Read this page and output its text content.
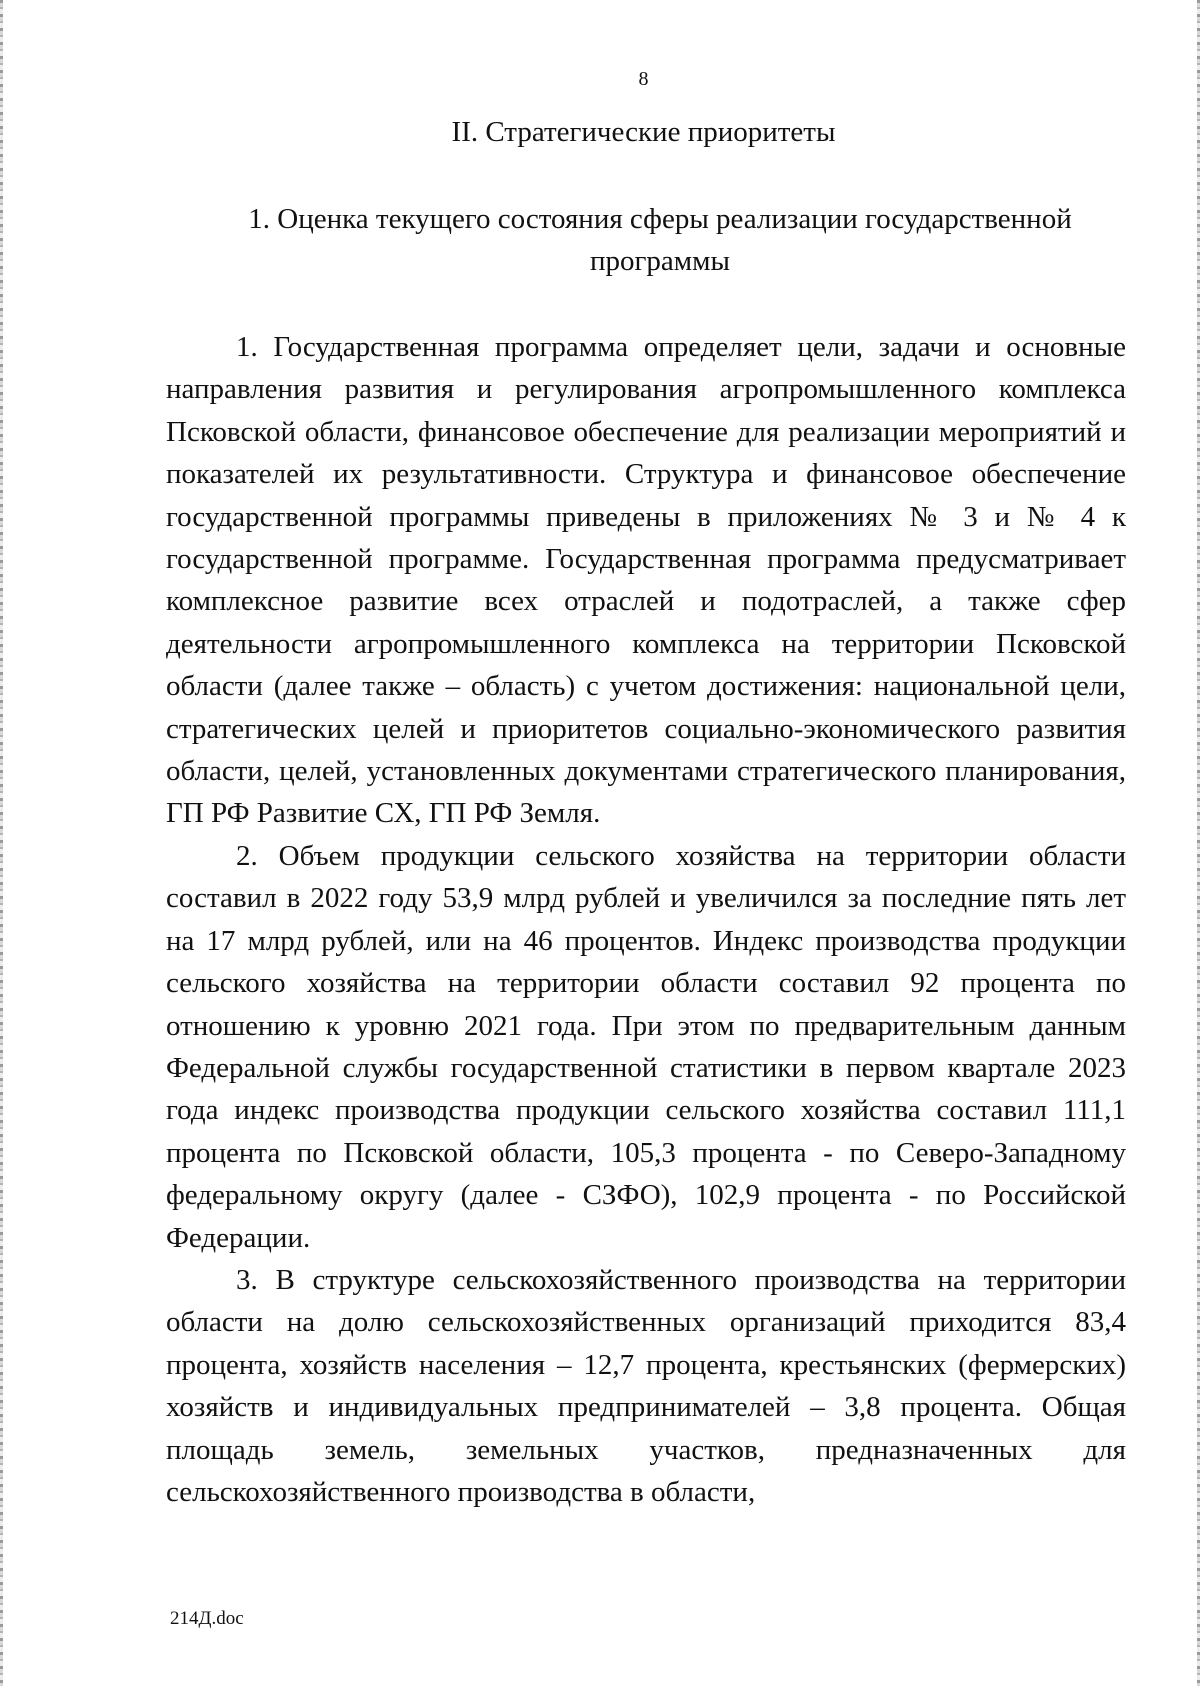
8
II. Стратегические приоритеты
1. Оценка текущего состояния сферы реализации государственной программы

1. Государственная программа определяет цели, задачи и основные направления развития и регулирования агропромышленного комплекса Псковской области, финансовое обеспечение для реализации мероприятий и показателей их результативности. Структура и финансовое обеспечение государственной программы приведены в приложениях № 3 и № 4 к государственной программе. Государственная программа предусматривает комплексное развитие всех отраслей и подотраслей, а также сфер деятельности агропромышленного комплекса на территории Псковской области (далее также – область) с учетом достижения: национальной цели, стратегических целей и приоритетов социально-экономического развития области, целей, установленных документами стратегического планирования, ГП РФ Развитие СХ, ГП РФ Земля.

2. Объем продукции сельского хозяйства на территории области составил в 2022 году 53,9 млрд рублей и увеличился за последние пять лет на 17 млрд рублей, или на 46 процентов. Индекс производства продукции сельского хозяйства на территории области составил 92 процента по отношению к уровню 2021 года. При этом по предварительным данным Федеральной службы государственной статистики в первом квартале 2023 года индекс производства продукции сельского хозяйства составил 111,1 процента по Псковской области, 105,3 процента - по Северо-Западному федеральному округу (далее - СЗФО), 102,9 процента - по Российской Федерации.

3. В структуре сельскохозяйственного производства на территории области на долю сельскохозяйственных организаций приходится 83,4 процента, хозяйств населения – 12,7 процента, крестьянских (фермерских) хозяйств и индивидуальных предпринимателей – 3,8 процента. Общая площадь земель, земельных участков, предназначенных для сельскохозяйственного производства в области,

214Д.doc
